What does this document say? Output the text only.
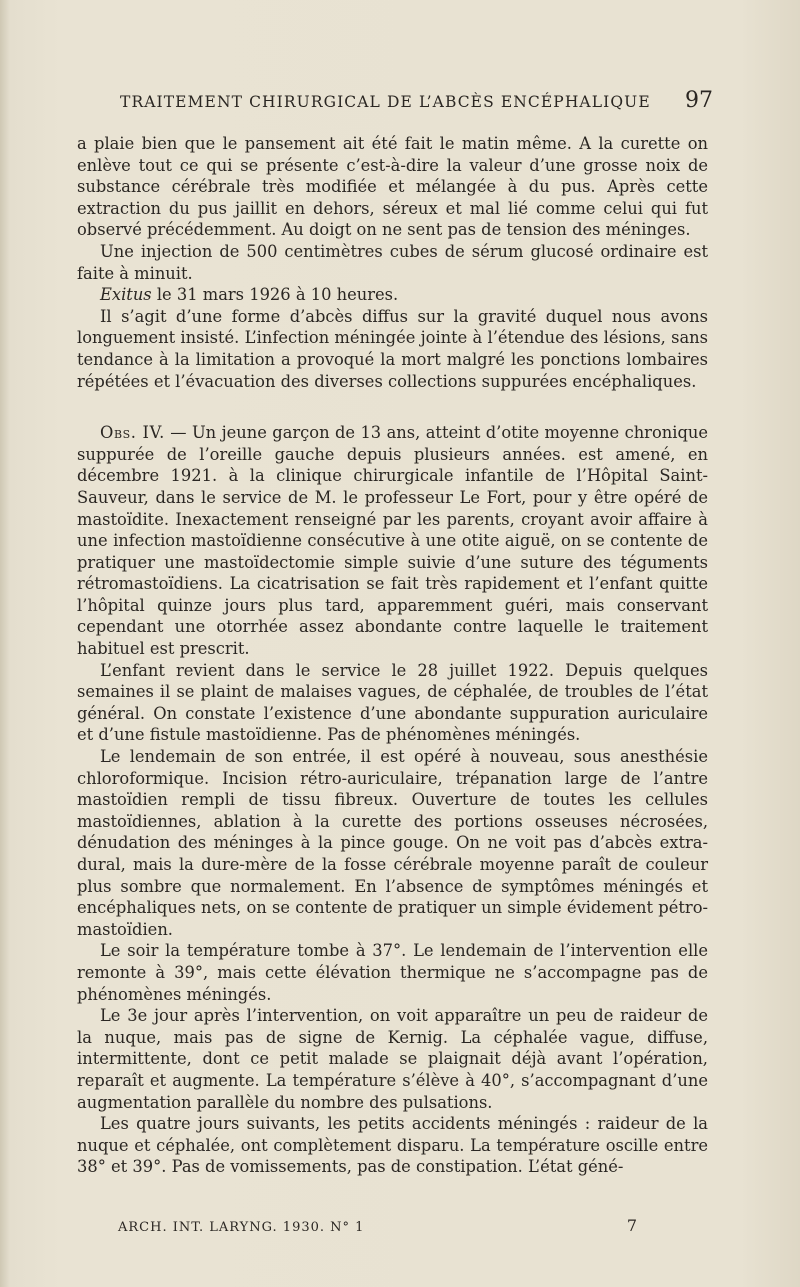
TRAITEMENT CHIRURGICAL DE L’ABCÈS ENCÉPHALIQUE 97

a plaie bien que le pansement ait été fait le matin même. A la curette on enlève tout ce qui se présente c’est-à-dire la valeur d’une grosse noix de substance cérébrale très modifiée et mélangée à du pus. Après cette extraction du pus jaillit en dehors, séreux et mal lié comme celui qui fut observé précédemment. Au doigt on ne sent pas de tension des méninges.

Une injection de 500 centimètres cubes de sérum glucosé ordinaire est faite à minuit.

Exitus le 31 mars 1926 à 10 heures.

Il s’agit d’une forme d’abcès diffus sur la gravité duquel nous avons longuement insisté. L’infection méningée jointe à l’étendue des lésions, sans tendance à la limitation a provoqué la mort malgré les ponctions lombaires répétées et l’évacuation des diverses collections suppurées encéphaliques.

Obs. IV. — Un jeune garçon de 13 ans, atteint d’otite moyenne chronique suppurée de l’oreille gauche depuis plusieurs années. est amené, en décembre 1921. à la clinique chirurgicale infantile de l’Hôpital Saint-Sauveur, dans le service de M. le professeur Le Fort, pour y être opéré de mastoïdite. Inexactement renseigné par les parents, croyant avoir affaire à une infection mastoïdienne consécutive à une otite aiguë, on se contente de pratiquer une mastoïdectomie simple suivie d’une suture des téguments rétromastoïdiens. La cicatrisation se fait très rapidement et l’enfant quitte l’hôpital quinze jours plus tard, apparemment guéri, mais conservant cependant une otorrhée assez abondante contre laquelle le traitement habituel est prescrit.

L’enfant revient dans le service le 28 juillet 1922. Depuis quelques semaines il se plaint de malaises vagues, de céphalée, de troubles de l’état général. On constate l’existence d’une abondante suppuration auriculaire et d’une fistule mastoïdienne. Pas de phénomènes méningés.

Le lendemain de son entrée, il est opéré à nouveau, sous anesthésie chloroformique. Incision rétro-auriculaire, trépanation large de l’antre mastoïdien rempli de tissu fibreux. Ouverture de toutes les cellules mastoïdiennes, ablation à la curette des portions osseuses nécrosées, dénudation des méninges à la pince gouge. On ne voit pas d’abcès extra-dural, mais la dure-mère de la fosse cérébrale moyenne paraît de couleur plus sombre que normalement. En l’absence de symptômes méningés et encéphaliques nets, on se contente de pratiquer un simple évidement pétro-mastoïdien.

Le soir la température tombe à 37°. Le lendemain de l’intervention elle remonte à 39°, mais cette élévation thermique ne s’accompagne pas de phénomènes méningés.

Le 3e jour après l’intervention, on voit apparaître un peu de raideur de la nuque, mais pas de signe de Kernig. La céphalée vague, diffuse, intermittente, dont ce petit malade se plaignait déjà avant l’opération, reparaît et augmente. La température s’élève à 40°, s’accompagnant d’une augmentation parallèle du nombre des pulsations.

Les quatre jours suivants, les petits accidents méningés : raideur de la nuque et céphalée, ont complètement disparu. La température oscille entre 38° et 39°. Pas de vomissements, pas de constipation. L’état géné-

ARCH. INT. LARYNG. 1930. N° 1	7
